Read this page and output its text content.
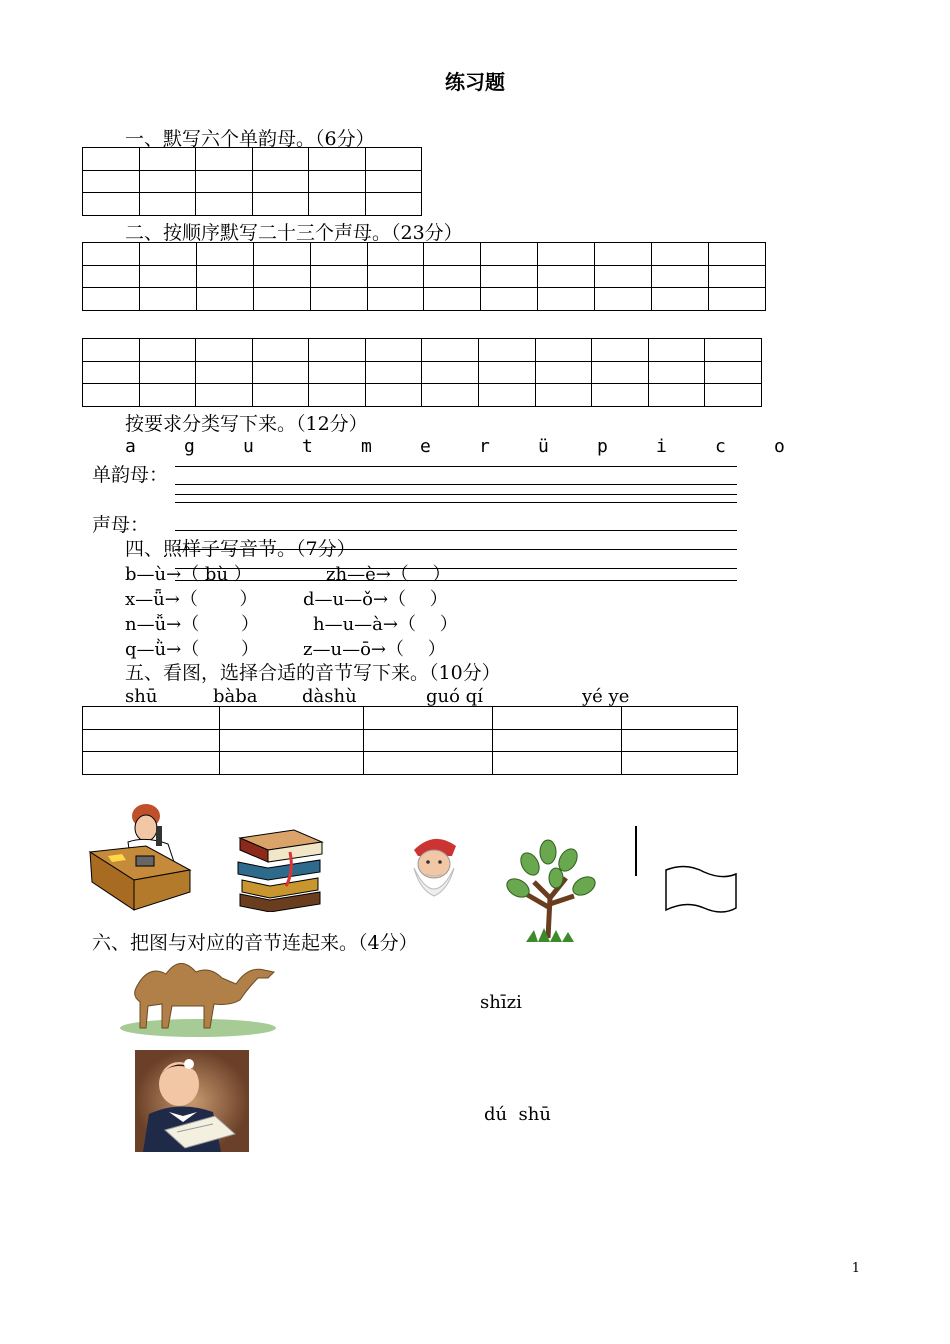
练习题
一、默写六个单韵母。（6分）

二、按顺序默写二十三个声母。（23分）

按要求分类写下来。（12分）
a	g	u	t	m	e	r	ü	p	i	c	o
单韵母：
声母：
四、照样子写音节。（7分）
b—ù→（ bù ）	zh—è→（　 ）
x—ǖ→（　　 ）	d—u—ǒ→（　 ）
n—ǚ→（　　 ）	h—u—à→（　 ）
q—ǜ→（　　 ） z—u—ō→（　 ）
五、看图，选择合适的音节写下来。（10分）
shū	bàba dàshù	guó qí	yé ye

六、把图与对应的音节连起来。（4分）
shīzi
dú  shū
1
